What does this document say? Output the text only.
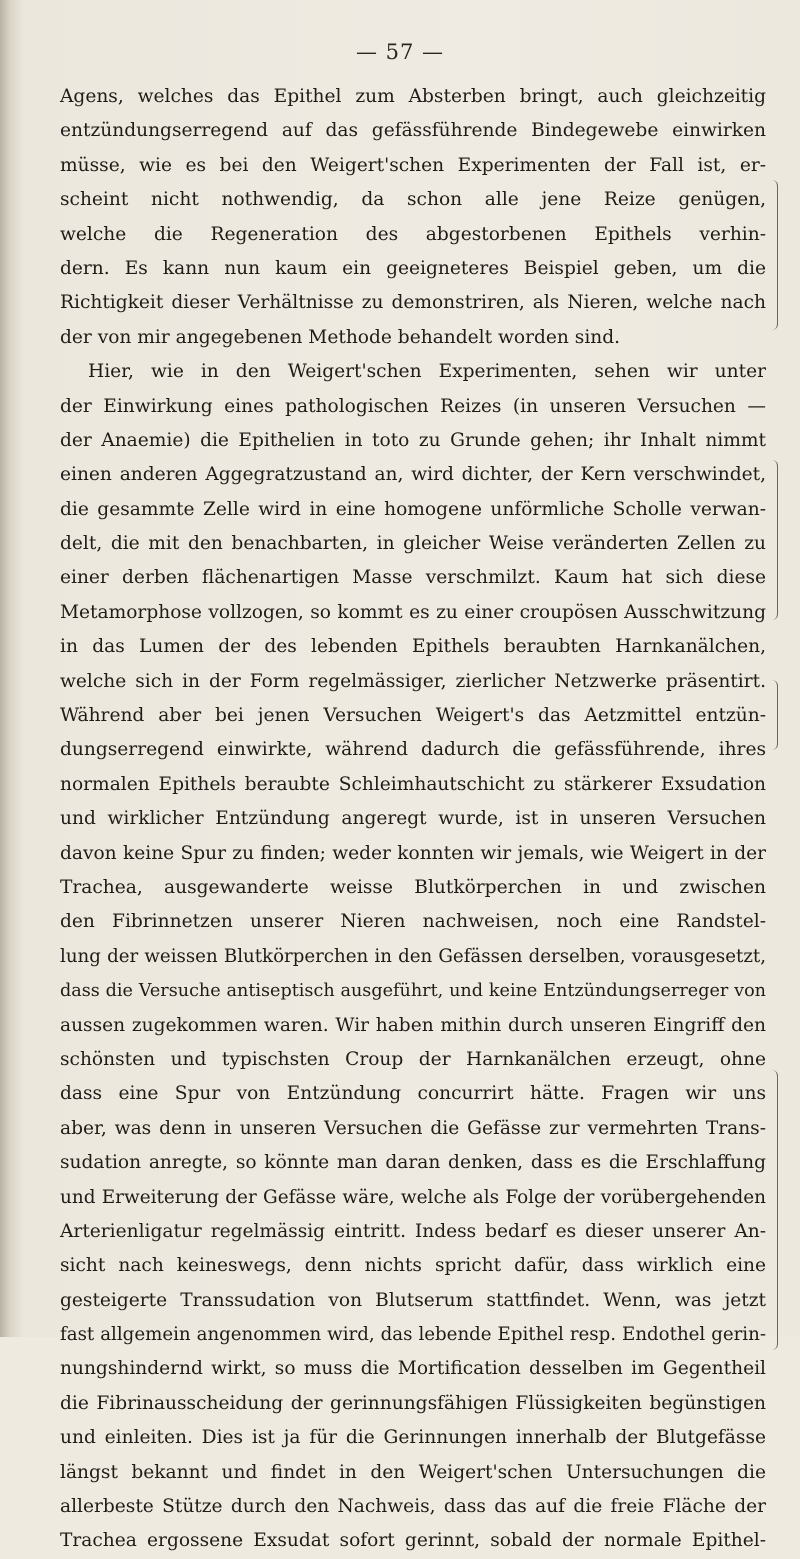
— 57 —
Agens, welches das Epithel zum Absterben bringt, auch gleichzeitig
entzündungserregend auf das gefässführende Bindegewebe einwirken
müsse, wie es bei den Weigert'schen Experimenten der Fall ist, er-
scheint nicht nothwendig, da schon alle jene Reize genügen,
welche die Regeneration des abgestorbenen Epithels verhin-
dern. Es kann nun kaum ein geeigneteres Beispiel geben, um die
Richtigkeit dieser Verhältnisse zu demonstriren, als Nieren, welche nach
der von mir angegebenen Methode behandelt worden sind.
Hier, wie in den Weigert'schen Experimenten, sehen wir unter
der Einwirkung eines pathologischen Reizes (in unseren Versuchen —
der Anaemie) die Epithelien in toto zu Grunde gehen; ihr Inhalt nimmt
einen anderen Aggegratzustand an, wird dichter, der Kern verschwindet,
die gesammte Zelle wird in eine homogene unförmliche Scholle verwan-
delt, die mit den benachbarten, in gleicher Weise veränderten Zellen zu
einer derben flächenartigen Masse verschmilzt. Kaum hat sich diese
Metamorphose vollzogen, so kommt es zu einer croupösen Ausschwitzung
in das Lumen der des lebenden Epithels beraubten Harnkanälchen,
welche sich in der Form regelmässiger, zierlicher Netzwerke präsentirt.
Während aber bei jenen Versuchen Weigert's das Aetzmittel entzün-
dungserregend einwirkte, während dadurch die gefässführende, ihres
normalen Epithels beraubte Schleimhautschicht zu stärkerer Exsudation
und wirklicher Entzündung angeregt wurde, ist in unseren Versuchen
davon keine Spur zu finden; weder konnten wir jemals, wie Weigert in der
Trachea, ausgewanderte weisse Blutkörperchen in und zwischen
den Fibrinnetzen unserer Nieren nachweisen, noch eine Randstel-
lung der weissen Blutkörperchen in den Gefässen derselben, vorausgesetzt,
dass die Versuche antiseptisch ausgeführt, und keine Entzündungserreger von
aussen zugekommen waren. Wir haben mithin durch unseren Eingriff den
schönsten und typischsten Croup der Harnkanälchen erzeugt, ohne
dass eine Spur von Entzündung concurrirt hätte. Fragen wir uns
aber, was denn in unseren Versuchen die Gefässe zur vermehrten Trans-
sudation anregte, so könnte man daran denken, dass es die Erschlaffung
und Erweiterung der Gefässe wäre, welche als Folge der vorübergehenden
Arterienligatur regelmässig eintritt. Indess bedarf es dieser unserer An-
sicht nach keineswegs, denn nichts spricht dafür, dass wirklich eine
gesteigerte Transsudation von Blutserum stattfindet. Wenn, was jetzt
fast allgemein angenommen wird, das lebende Epithel resp. Endothel gerin-
nungshindernd wirkt, so muss die Mortification desselben im Gegentheil
die Fibrinausscheidung der gerinnungsfähigen Flüssigkeiten begünstigen
und einleiten. Dies ist ja für die Gerinnungen innerhalb der Blutgefässe
längst bekannt und findet in den Weigert'schen Untersuchungen die
allerbeste Stütze durch den Nachweis, dass das auf die freie Fläche der
Trachea ergossene Exsudat sofort gerinnt, sobald der normale Epithel-
